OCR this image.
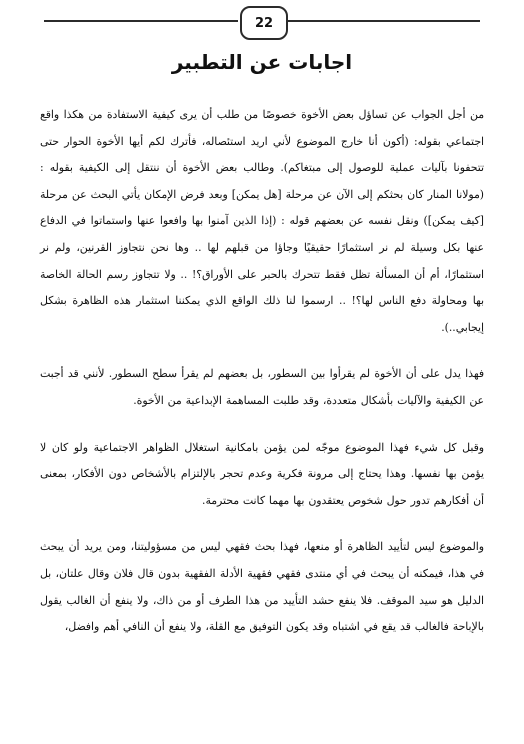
22
اجابات عن التطبير

من أجل الجواب عن تساؤل بعض الأخوة خصوصًا من طلب أن يرى كيفية الاستفادة من هكذا واقع اجتماعي بقوله: (أكون أنا خارج الموضوع لأني اريد استئصاله، فأترك لكم أيها الأخوة الحوار حتى تتحفونا بآليات عملية للوصول إلى مبتغاكم). وطالب بعض الأخوة أن ننتقل إلى الكيفية بقوله : (مولانا المنار كان بحثكم إلى الآن عن مرحلة [هل يمكن] وبعد فرض الإمكان يأتي البحث عن مرحلة [كيف يمكن]) ونقل نفسه عن بعضهم قوله : (إذا الذين آمنوا بها وافعوا عنها واستماتوا في الدفاع عنها بكل وسيلة لم نر استثمارًا حقيقيًا وجاؤا من قبلهم لها .. وها نحن نتجاوز القرنين، ولم نر استثمارًا، أم أن المسألة تظل فقط تتحرك بالحبر على الأوراق؟! .. ولا تتجاوز رسم الحالة الخاصة بها ومحاولة دفع الناس لها؟! .. ارسموا لنا ذلك الواقع الذي يمكننا استثمار هذه الظاهرة بشكل إيجابي..).

فهذا يدل على أن الأخوة لم يقرأوا بين السطور، بل بعضهم لم يقرأ سطح السطور. لأنني قد أجبت عن الكيفية والآليات بأشكال متعددة، وقد طلبت المساهمة الإبداعية من الأخوة.

وقبل كل شيء فهذا الموضوع موجّه لمن يؤمن بامكانية استغلال الظواهر الاجتماعية ولو كان لا يؤمن بها نفسها. وهذا يحتاج إلى مرونة فكرية وعدم تحجر بالإلتزام بالأشخاص دون الأفكار، بمعنى أن أفكارهم تدور حول شخوص يعتقدون بها مهما كانت محترمة.

والموضوع ليس لتأييد الظاهرة أو منعها، فهذا بحث فقهي ليس من مسؤوليتنا، ومن يريد أن يبحث في هذا، فيمكنه أن يبحث في أي منتدى فقهي فقهية الأدلة الفقهية بدون قال فلان وقال علتان، بل الدليل هو سيد الموقف. فلا ينفع حشد التأييد من هذا الطرف أو من ذاك، ولا ينفع أن الغالب يقول بالإباحة فالغالب قد يقع في اشتباه وقد يكون التوفيق مع القلة، ولا ينفع أن النافي أهم وافضل،
